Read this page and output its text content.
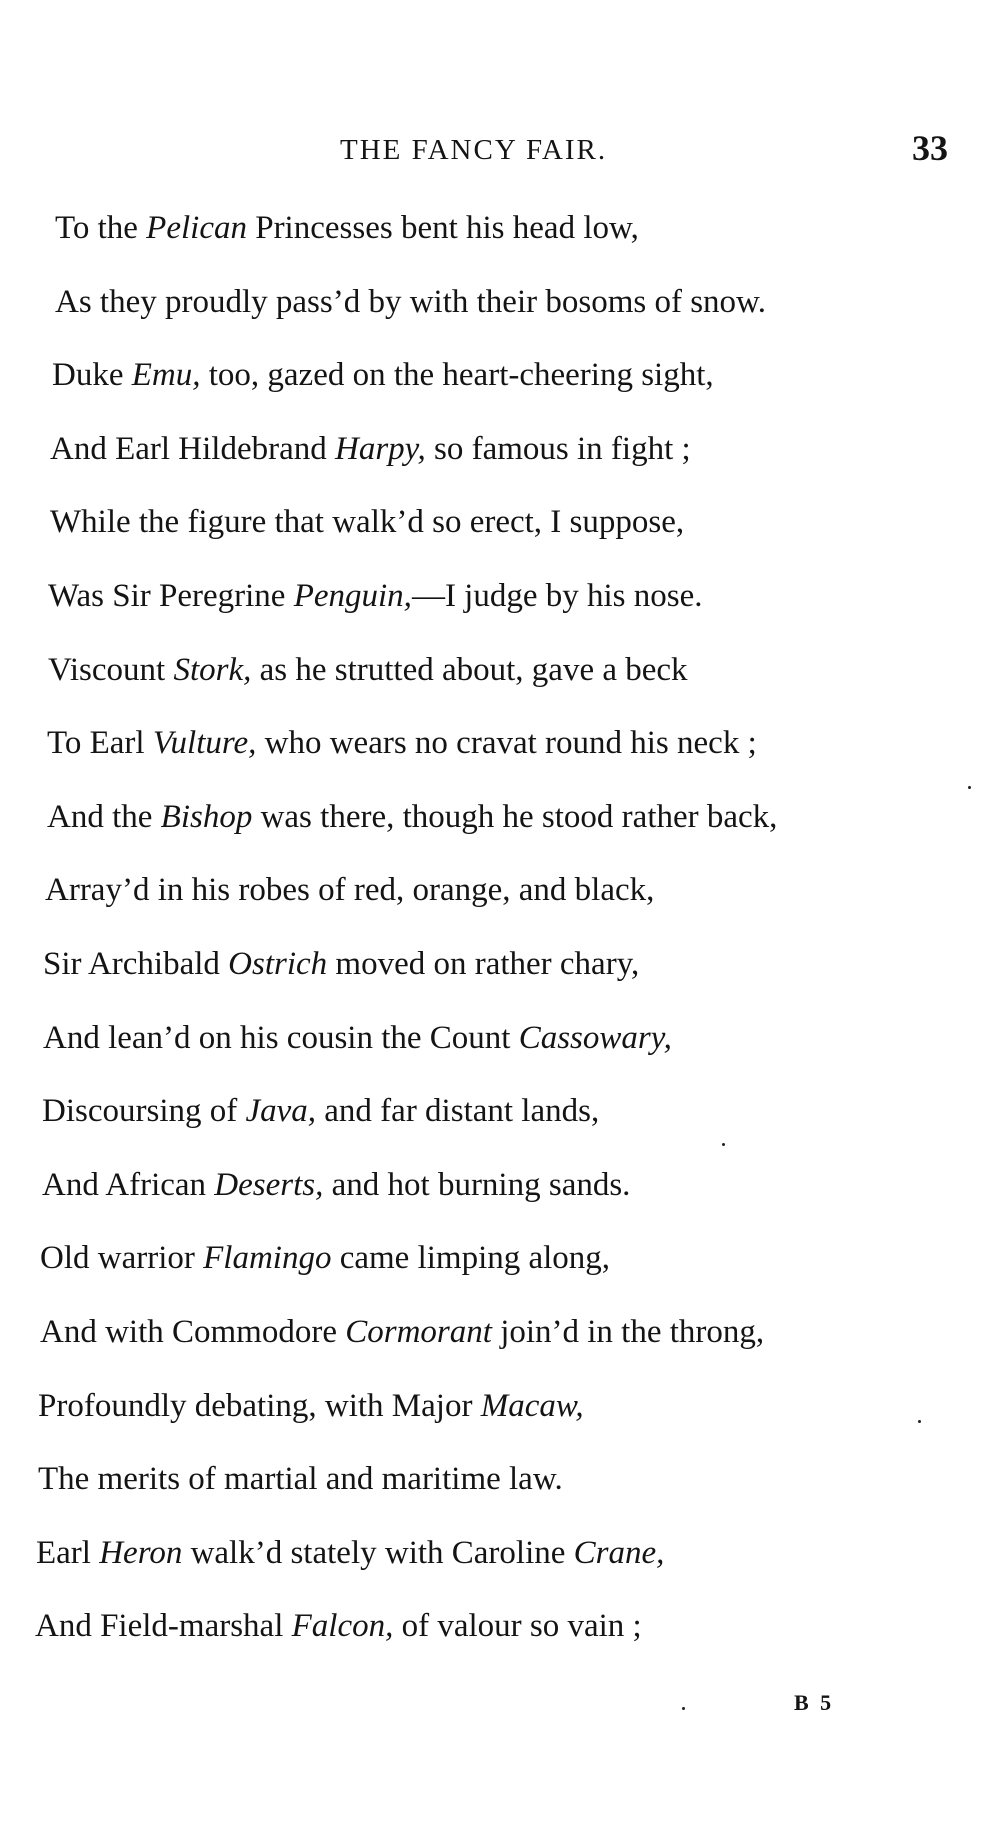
THE FANCY FAIR.	33
To the Pelican Princesses bent his head low,
As they proudly pass’d by with their bosoms of snow.
Duke Emu, too, gazed on the heart-cheering sight,
And Earl Hildebrand Harpy, so famous in fight ;
While the figure that walk’d so erect, I suppose,
Was Sir Peregrine Penguin,—I judge by his nose.
Viscount Stork, as he strutted about, gave a beck
To Earl Vulture, who wears no cravat round his neck ;
And the Bishop was there, though he stood rather back,
Array’d in his robes of red, orange, and black,
Sir Archibald Ostrich moved on rather chary,
And lean’d on his cousin the Count Cassowary,
Discoursing of Java, and far distant lands,
And African Deserts, and hot burning sands.
Old warrior Flamingo came limping along,
And with Commodore Cormorant join’d in the throng,
Profoundly debating, with Major Macaw,
The merits of martial and maritime law.
Earl Heron walk’d stately with Caroline Crane,
And Field-marshal Falcon, of valour so vain ;
B 5
